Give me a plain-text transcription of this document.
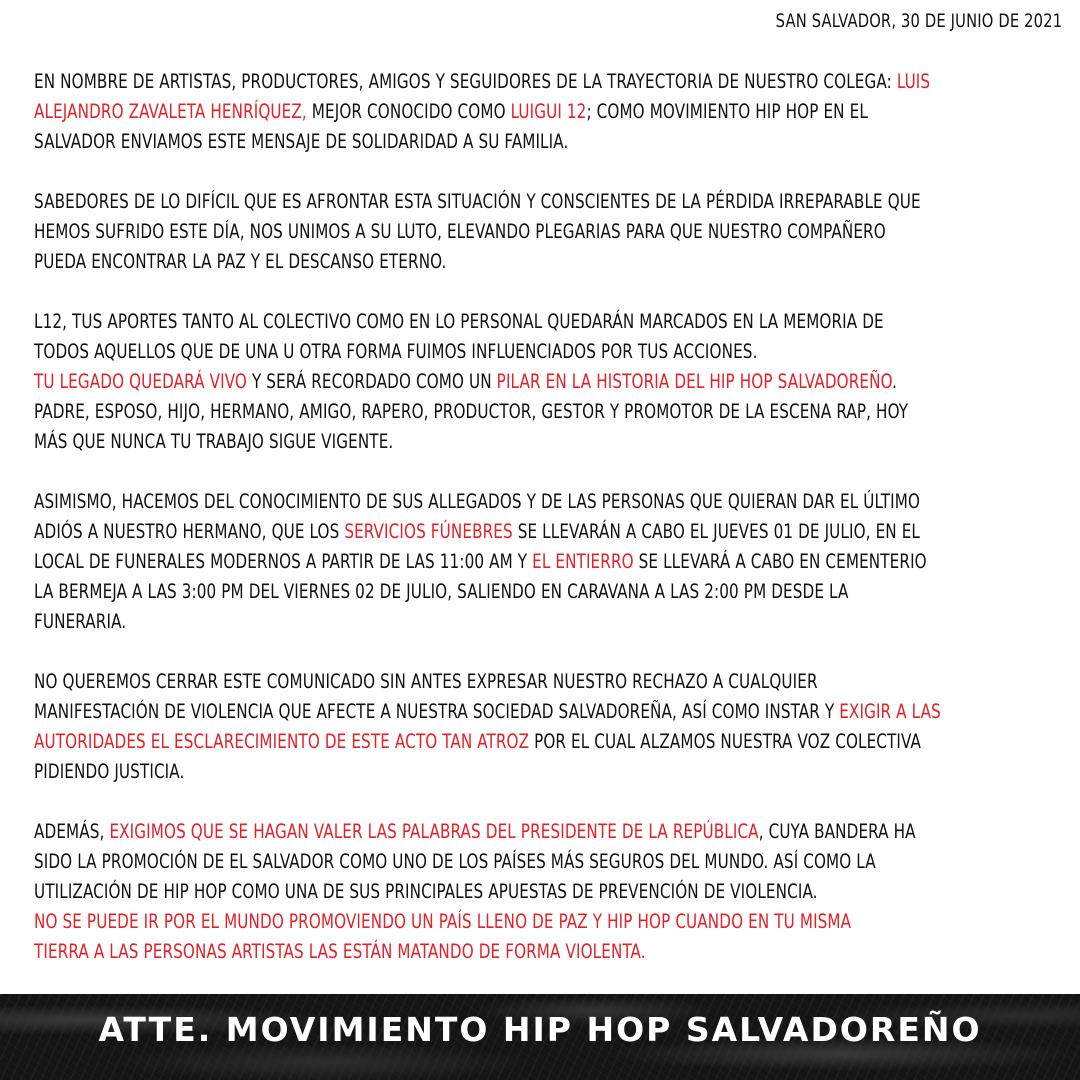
SAN SALVADOR, 30 DE JUNIO DE 2021
EN NOMBRE DE ARTISTAS, PRODUCTORES, AMIGOS Y SEGUIDORES DE LA TRAYECTORIA DE NUESTRO COLEGA: LUIS
ALEJANDRO ZAVALETA HENRÍQUEZ, MEJOR CONOCIDO COMO LUIGUI 12; COMO MOVIMIENTO HIP HOP EN EL
SALVADOR ENVIAMOS ESTE MENSAJE DE SOLIDARIDAD A SU FAMILIA.
SABEDORES DE LO DIFÍCIL QUE ES AFRONTAR ESTA SITUACIÓN Y CONSCIENTES DE LA PÉRDIDA IRREPARABLE QUE
HEMOS SUFRIDO ESTE DÍA, NOS UNIMOS A SU LUTO, ELEVANDO PLEGARIAS PARA QUE NUESTRO COMPAÑERO
PUEDA ENCONTRAR LA PAZ Y EL DESCANSO ETERNO.
L12, TUS APORTES TANTO AL COLECTIVO COMO EN LO PERSONAL QUEDARÁN MARCADOS EN LA MEMORIA DE
TODOS AQUELLOS QUE DE UNA U OTRA FORMA FUIMOS INFLUENCIADOS POR TUS ACCIONES.
TU LEGADO QUEDARÁ VIVO Y SERÁ RECORDADO COMO UN PILAR EN LA HISTORIA DEL HIP HOP SALVADOREÑO.
PADRE, ESPOSO, HIJO, HERMANO, AMIGO, RAPERO, PRODUCTOR, GESTOR Y PROMOTOR DE LA ESCENA RAP, HOY
MÁS QUE NUNCA TU TRABAJO SIGUE VIGENTE.
ASIMISMO, HACEMOS DEL CONOCIMIENTO DE SUS ALLEGADOS Y DE LAS PERSONAS QUE QUIERAN DAR EL ÚLTIMO
ADIÓS A NUESTRO HERMANO, QUE LOS SERVICIOS FÚNEBRES SE LLEVARÁN A CABO EL JUEVES 01 DE JULIO, EN EL
LOCAL DE FUNERALES MODERNOS A PARTIR DE LAS 11:00 AM Y EL ENTIERRO SE LLEVARÁ A CABO EN CEMENTERIO
LA BERMEJA A LAS 3:00 PM DEL VIERNES 02 DE JULIO, SALIENDO EN CARAVANA A LAS 2:00 PM DESDE LA
FUNERARIA.
NO QUEREMOS CERRAR ESTE COMUNICADO SIN ANTES EXPRESAR NUESTRO RECHAZO A CUALQUIER
MANIFESTACIÓN DE VIOLENCIA QUE AFECTE A NUESTRA SOCIEDAD SALVADOREÑA, ASÍ COMO INSTAR Y EXIGIR A LAS
AUTORIDADES EL ESCLARECIMIENTO DE ESTE ACTO TAN ATROZ POR EL CUAL ALZAMOS NUESTRA VOZ COLECTIVA
PIDIENDO JUSTICIA.
ADEMÁS, EXIGIMOS QUE SE HAGAN VALER LAS PALABRAS DEL PRESIDENTE DE LA REPÚBLICA, CUYA BANDERA HA
SIDO LA PROMOCIÓN DE EL SALVADOR COMO UNO DE LOS PAÍSES MÁS SEGUROS DEL MUNDO. ASÍ COMO LA
UTILIZACIÓN DE HIP HOP COMO UNA DE SUS PRINCIPALES APUESTAS DE PREVENCIÓN DE VIOLENCIA.
NO SE PUEDE IR POR EL MUNDO PROMOVIENDO UN PAÍS LLENO DE PAZ Y HIP HOP CUANDO EN TU MISMA
TIERRA A LAS PERSONAS ARTISTAS LAS ESTÁN MATANDO DE FORMA VIOLENTA.
ATTE. MOVIMIENTO HIP HOP SALVADOREÑO
